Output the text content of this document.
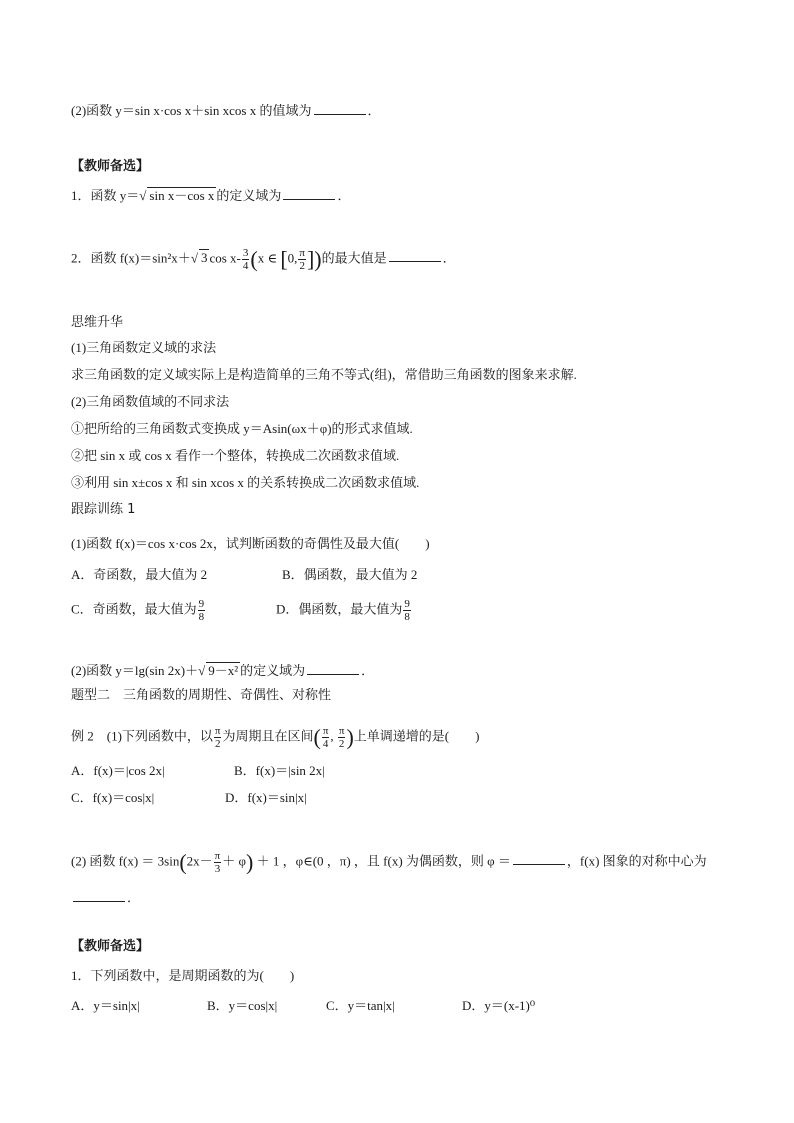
(2)函数 y＝sin x·cos x＋sin xcos x 的值域为	．
【教师备选】
1．函数 y＝√ sin x－cos x 的定义域为	．
2．函数 f(x)＝sin²x＋√ 3 $\cos x- \frac{3}{4} (x$ ∈ [0, $\frac{\pi}{2}$ ])的最大值是	．
思维升华
(1)三角函数定义域的求法
求三角函数的定义域实际上是构造简单的三角不等式(组)，常借助三角函数的图象来求解.
(2)三角函数值域的不同求法
①把所给的三角函数式变换成 y＝Asin(ωx＋φ)的形式求值域.
②把 sin x 或 cos x 看作一个整体，转换成二次函数求值域.
③利用 sin x±cos x 和 sin xcos x 的关系转换成二次函数求值域.
跟踪训练 1
(1)函数 f(x)＝cos x·cos 2x，试判断函数的奇偶性及最大值(　　)
A．奇函数，最大值为 2	B．偶函数，最大值为 2
C．奇函数，最大值为 $\frac{9}{8}$	D．偶函数，最大值为 $\frac{9}{8}$
(2)函数 y＝lg(sin 2x)＋√ 9－x² 的定义域为	．
题型二　三角函数的周期性、奇偶性、对称性
例 2　(1)下列函数中，以 $\frac{\pi}{2}$ 为周期且在区间( $\frac{\pi}{4}$ , $\frac{\pi}{2}$ )上单调递增的是(　　)
A．f(x)＝|cos 2x|	B．f(x)＝|sin 2x|
C．f(x)＝cos|x|	D．f(x)＝sin|x|
(2) 函数 $f(x) = 3\sin(2x- \frac{\pi}{3} + \varphi) + 1$ ，φ∈(0 ，π) ，且 f(x) 为偶函数，则 φ ＝	，f(x) 图象的对称中心为
．
【教师备选】
1．下列函数中，是周期函数的为(　　)
A．y＝sin|x|	B．y＝cos|x|	C．y＝tan|x|	D．y＝(x-1)⁰
